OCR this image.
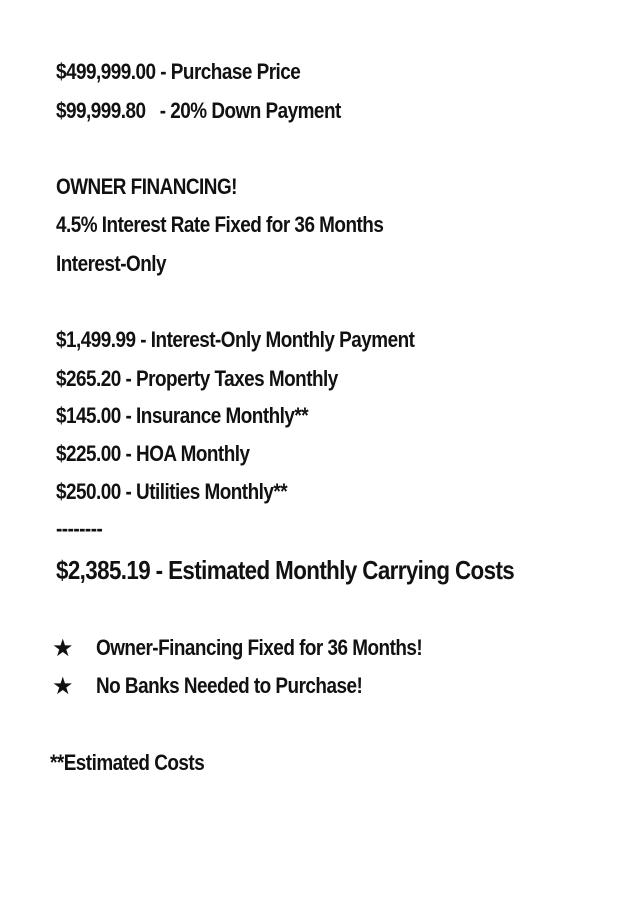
$499,999.00 - Purchase Price

$99,999.80   - 20% Down Payment

OWNER FINANCING!

4.5% Interest Rate Fixed for 36 Months

Interest-Only

$1,499.99 - Interest-Only Monthly Payment

$265.20 - Property Taxes Monthly

$145.00 - Insurance Monthly**

$225.00 - HOA Monthly

$250.00 - Utilities Monthly**

--------

$2,385.19 - Estimated Monthly Carrying Costs

★	Owner-Financing Fixed for 36 Months!
★	No Banks Needed to Purchase!

**Estimated Costs
